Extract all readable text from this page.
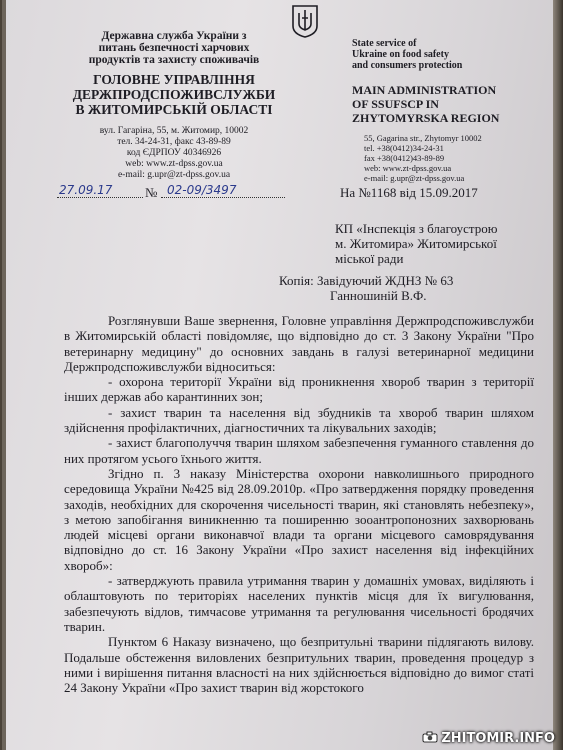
Державна служба України з
питань безпечності харчових
продуктів та захисту споживачів
ГОЛОВНЕ УПРАВЛІННЯ
ДЕРЖПРОДСПОЖИВСЛУЖБИ
В ЖИТОМИРСЬКІЙ ОБЛАСТІ
вул. Гагаріна, 55, м. Житомир, 10002
тел. 34-24-31, факс 43-89-89
код ЄДРПОУ 40346926
web: www.zt-dpss.gov.ua
e-mail: g.upr@zt-dpss.gov.ua
State service of
Ukraine on food safety
and consumers protection
MAIN ADMINISTRATION
OF SSUFSCP IN
ZHYTOMYRSKA REGION
55, Gagarina str., Zhytomyr 10002
tel. +38(0412)34-24-31
fax +38(0412)43-89-89
web: www.zt-dpss.gov.ua
e-mail: g.upr@zt-dpss.gov.ua
27.09.17	№ 02-09/3497	На №1168 від 15.09.2017
КП «Інспекція з благоустрою
м. Житомира» Житомирської
міської ради
Копія: Завідуючий ЖДНЗ № 63
Ганношиній В.Ф.

Розглянувши Ваше звернення, Головне управління Держпродспоживслужби в Житомирській області повідомляє, що відповідно до ст. 3 Закону України "Про ветеринарну медицину" до основних завдань в галузі ветеринарної медицини Держпродспоживслужби відноситься:

- охорона території України від проникнення хвороб тварин з території інших держав або карантинних зон;

- захист тварин та населення від збудників та хвороб тварин шляхом здійснення профілактичних, діагностичних та лікувальних заходів;

- захист благополуччя тварин шляхом забезпечення гуманного ставлення до них протягом усього їхнього життя.

Згідно п. 3 наказу Міністерства охорони навколишнього природного середовища України №425 від 28.09.2010р. «Про затвердження порядку проведення заходів, необхідних для скорочення чисельності тварин, які становлять небезпеку», з метою запобігання виникненню та поширенню зооантропонозних захворювань людей місцеві органи виконавчої влади та органи місцевого самоврядування відповідно до ст. 16 Закону України «Про захист населення від інфекційних хвороб»:

- затверджують правила утримання тварин у домашніх умовах, виділяють і облаштовують по територіях населених пунктів місця для їх вигулювання, забезпечують відлов, тимчасове утримання та регулювання чисельності бродячих тварин.

Пунктом 6 Наказу визначено, що безпритульні тварини підлягають вилову. Подальше обстеження виловлених безпритульних тварин, проведення процедур з ними і вирішення питання власності на них здійснюється відповідно до вимог статі 24 Закону України «Про захист тварин від жорстокого

ZHITOMIR.INFO
